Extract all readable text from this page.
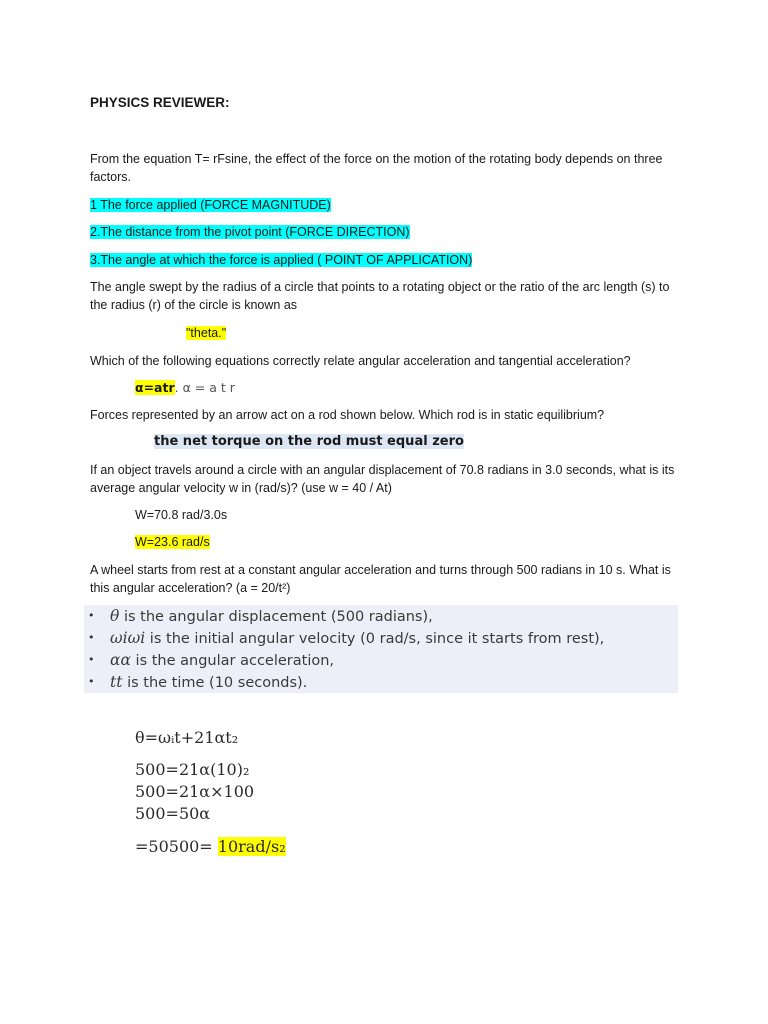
PHYSICS REVIEWER:
From the equation T= rFsine, the effect of the force on the motion of the rotating body depends on three factors.
1 The force applied (FORCE MAGNITUDE)
2.The distance from the pivot point (FORCE DIRECTION)
3.The angle at which the force is applied ( POINT OF APPLICATION)
The angle swept by the radius of a circle that points to a rotating object or the ratio of the arc length (s) to the radius (r) of the circle is known as
"theta."
Which of the following equations correctly relate angular acceleration and tangential acceleration?
α=atr. α = a t r
Forces represented by an arrow act on a rod shown below. Which rod is in static equilibrium?
the net torque on the rod must equal zero
If an object travels around a circle with an angular displacement of 70.8 radians in 3.0 seconds, what is its average angular velocity w in (rad/s)? (use w = 40 / At)
W=70.8 rad/3.0s
W=23.6 rad/s
A wheel starts from rest at a constant angular acceleration and turns through 500 radians in 10 s. What is this angular acceleration? (a = 20/t²)
• θ is the angular displacement (500 radians),
• ωiωi is the initial angular velocity (0 rad/s, since it starts from rest),
• αα is the angular acceleration,
• tt is the time (10 seconds).
θ=ωᵢt+21αt₂
500=21α(10)₂
500=21α×100
500=50α
=50500= 10rad/s₂
